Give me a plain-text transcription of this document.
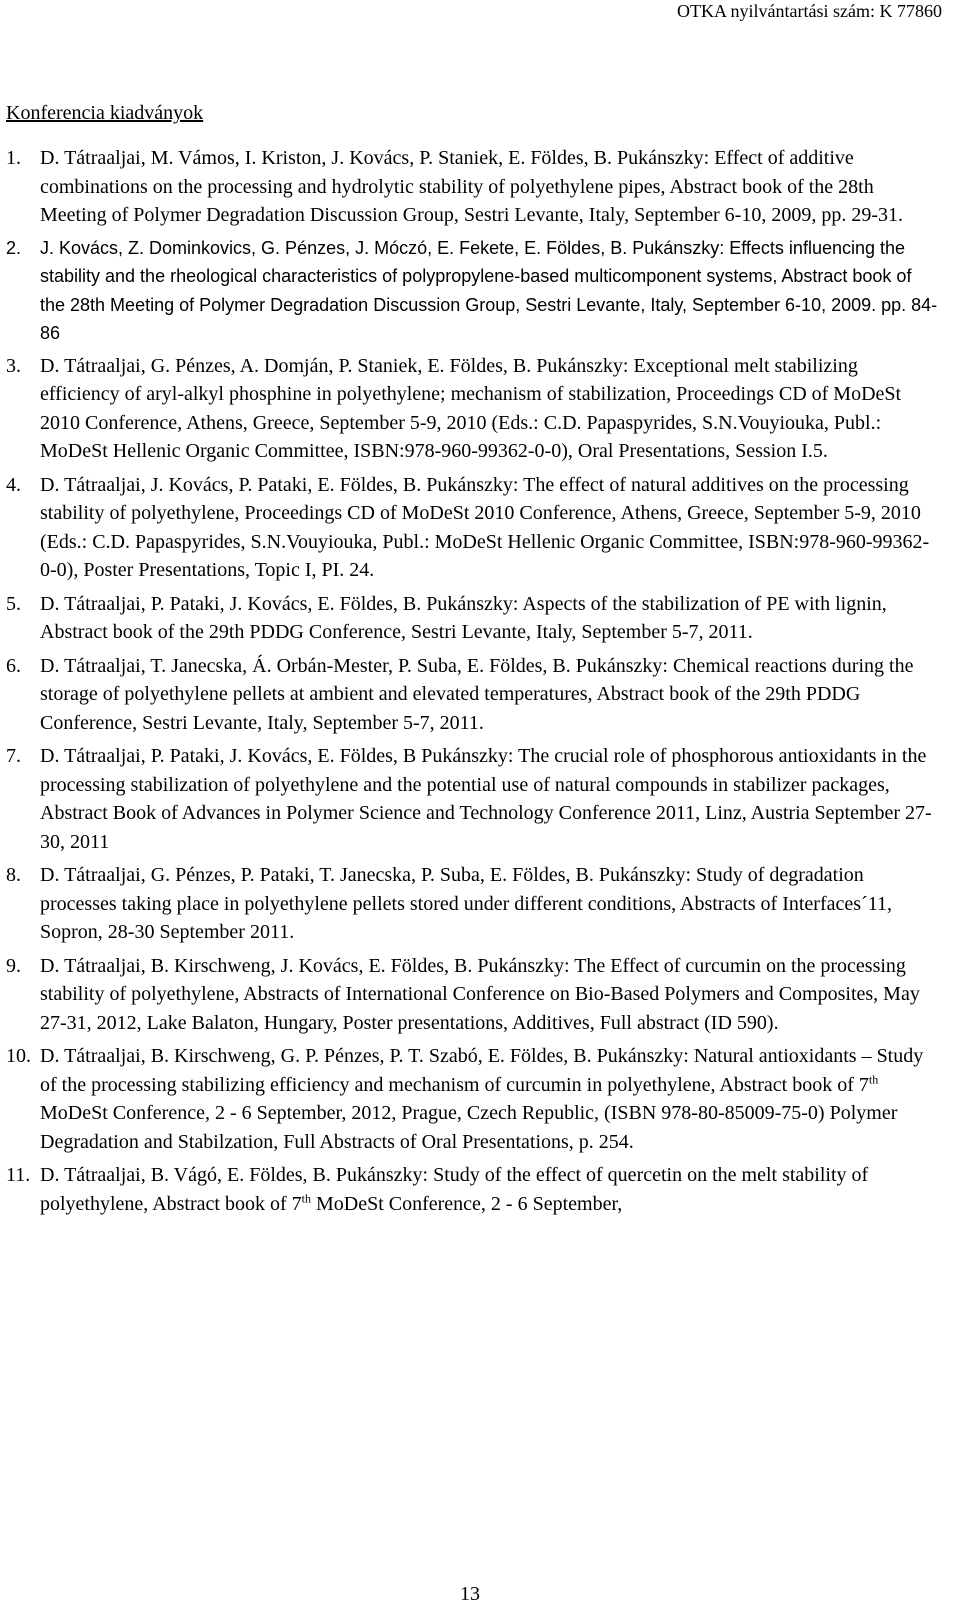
OTKA nyilvántartási szám: K 77860
Konferencia kiadványok
1. D. Tátraaljai, M. Vámos, I. Kriston, J. Kovács, P. Staniek, E. Földes, B. Pukánszky: Effect of additive combinations on the processing and hydrolytic stability of polyethylene pipes, Abstract book of the 28th Meeting of Polymer Degradation Discussion Group, Sestri Levante, Italy, September 6-10, 2009, pp. 29-31.
2. J. Kovács, Z. Dominkovics, G. Pénzes, J. Móczó, E. Fekete, E. Földes, B. Pukánszky: Effects influencing the stability and the rheological characteristics of polypropylene-based multicomponent systems, Abstract book of the 28th Meeting of Polymer Degradation Discussion Group, Sestri Levante, Italy, September 6-10, 2009. pp. 84-86
3. D. Tátraaljai, G. Pénzes, A. Domján, P. Staniek, E. Földes, B. Pukánszky: Exceptional melt stabilizing efficiency of aryl-alkyl phosphine in polyethylene; mechanism of stabilization, Proceedings CD of MoDeSt 2010 Conference, Athens, Greece, September 5-9, 2010 (Eds.: C.D. Papaspyrides, S.N.Vouyiouka, Publ.: MoDeSt Hellenic Organic Committee, ISBN:978-960-99362-0-0), Oral Presentations, Session I.5.
4. D. Tátraaljai, J. Kovács, P. Pataki, E. Földes, B. Pukánszky: The effect of natural additives on the processing stability of polyethylene, Proceedings CD of MoDeSt 2010 Conference, Athens, Greece, September 5-9, 2010 (Eds.: C.D. Papaspyrides, S.N.Vouyiouka, Publ.: MoDeSt Hellenic Organic Committee, ISBN:978-960-99362-0-0), Poster Presentations, Topic I, PI. 24.
5. D. Tátraaljai, P. Pataki, J. Kovács, E. Földes, B. Pukánszky: Aspects of the stabilization of PE with lignin, Abstract book of the 29th PDDG Conference, Sestri Levante, Italy, September 5-7, 2011.
6. D. Tátraaljai, T. Janecska, Á. Orbán-Mester, P. Suba, E. Földes, B. Pukánszky: Chemical reactions during the storage of polyethylene pellets at ambient and elevated temperatures, Abstract book of the 29th PDDG Conference, Sestri Levante, Italy, September 5-7, 2011.
7. D. Tátraaljai, P. Pataki, J. Kovács, E. Földes, B Pukánszky: The crucial role of phosphorous antioxidants in the processing stabilization of polyethylene and the potential use of natural compounds in stabilizer packages, Abstract Book of Advances in Polymer Science and Technology Conference 2011, Linz, Austria September 27-30, 2011
8. D. Tátraaljai, G. Pénzes, P. Pataki, T. Janecska, P. Suba, E. Földes, B. Pukánszky: Study of degradation processes taking place in polyethylene pellets stored under different conditions, Abstracts of Interfaces´11, Sopron, 28-30 September 2011.
9. D. Tátraaljai, B. Kirschweng, J. Kovács, E. Földes, B. Pukánszky: The Effect of curcumin on the processing stability of polyethylene, Abstracts of International Conference on Bio-Based Polymers and Composites, May 27-31, 2012, Lake Balaton, Hungary, Poster presentations, Additives, Full abstract (ID 590).
10. D. Tátraaljai, B. Kirschweng, G. P. Pénzes, P. T. Szabó, E. Földes, B. Pukánszky: Natural antioxidants – Study of the processing stabilizing efficiency and mechanism of curcumin in polyethylene, Abstract book of 7th MoDeSt Conference, 2 - 6 September, 2012, Prague, Czech Republic, (ISBN 978-80-85009-75-0) Polymer Degradation and Stabilzation, Full Abstracts of Oral Presentations, p. 254.
11. D. Tátraaljai, B. Vágó, E. Földes, B. Pukánszky: Study of the effect of quercetin on the melt stability of polyethylene, Abstract book of 7th MoDeSt Conference, 2 - 6 September,
13
